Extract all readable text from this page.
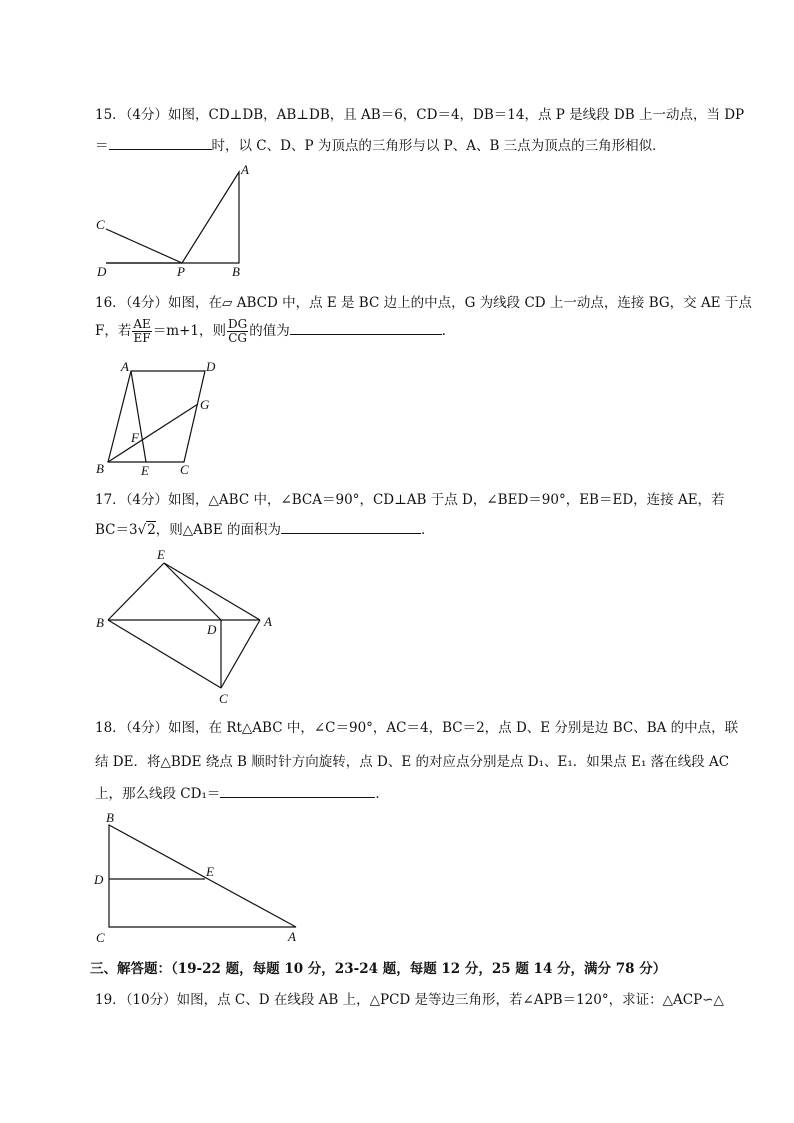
15．（4分）如图，CD⊥DB，AB⊥DB，且 AB＝6，CD＝4，DB＝14，点 P 是线段 DB 上一动点，当 DP
＝	时，以 C、D、P 为顶点的三角形与以 P、A、B 三点为顶点的三角形相似．
A
C
D	P	B
16．（4分）如图，在▱ ABCD 中，点 E 是 BC 边上的中点，G 为线段 CD 上一动点，连接 BG，交 AE 于点
F，若 $\frac{AE}{EF} =m+1$，则 $\frac{DG}{CG}$ 的值为	．
A	D
G
F
B	E C
17．（4分）如图，△ABC 中，∠BCA＝90°，CD⊥AB 于点 D，∠BED＝90°，EB＝ED，连接 AE，若
BC＝3√2，则△ABE 的面积为	．
E
B	D
A
C
18．（4分）如图，在 Rt△ABC 中，∠C＝90°，AC＝4，BC＝2，点 D、E 分别是边 BC、BA 的中点，联
结 DE．将△BDE 绕点 B 顺时针方向旋转，点 D、E 的对应点分别是点 D₁、E₁．如果点 E₁ 落在线段 AC
上，那么线段 CD₁＝	．
B
D
E
C	A
三、解答题：（19-22 题，每题 10 分，23-24 题，每题 12 分，25 题 14 分，满分 78 分）
19．（10分）如图，点 C、D 在线段 AB 上，△PCD 是等边三角形，若∠APB＝120°，求证：△ACP∽△
